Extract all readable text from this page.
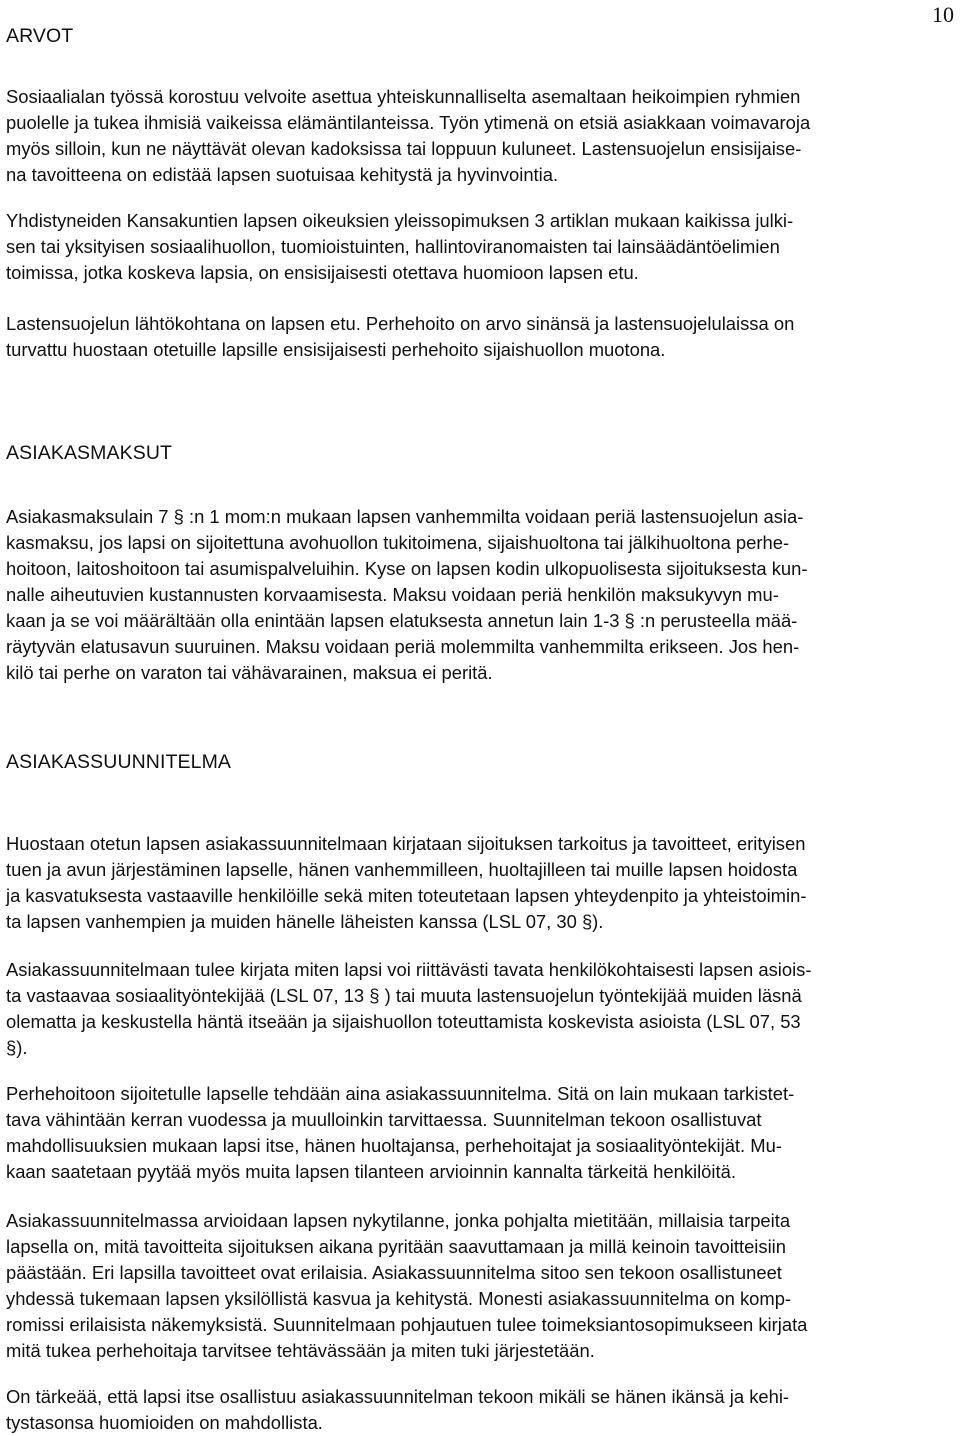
10
ARVOT
Sosiaalialan työssä korostuu velvoite asettua yhteiskunnalliselta asemaltaan heikoimpien ryhmien
puolelle ja tukea ihmisiä vaikeissa elämäntilanteissa. Työn ytimenä on etsiä asiakkaan voimavaroja
myös silloin, kun ne näyttävät olevan kadoksissa tai loppuun kuluneet. Lastensuojelun ensisijaise-
na tavoitteena on edistää lapsen suotuisaa kehitystä ja hyvinvointia.
Yhdistyneiden Kansakuntien lapsen oikeuksien yleissopimuksen 3 artiklan mukaan kaikissa julki-
sen tai yksityisen sosiaalihuollon, tuomioistuinten, hallintoviranomaisten tai lainsäädäntöelimien
toimissa, jotka koskeva lapsia, on ensisijaisesti otettava huomioon lapsen etu.
Lastensuojelun lähtökohtana on lapsen etu. Perhehoito on arvo sinänsä ja lastensuojelulaissa on
turvattu huostaan otetuille lapsille ensisijaisesti perhehoito sijaishuollon muotona.
ASIAKASMAKSUT
Asiakasmaksulain 7 § :n 1 mom:n mukaan lapsen vanhemmilta voidaan periä lastensuojelun asia-
kasmaksu, jos lapsi on sijoitettuna avohuollon tukitoimena, sijaishuoltona tai jälkihuoltona perhe-
hoitoon, laitoshoitoon tai asumispalveluihin. Kyse on lapsen kodin ulkopuolisesta sijoituksesta kun-
nalle aiheutuvien kustannusten korvaamisesta. Maksu voidaan periä henkilön maksukyvyn mu-
kaan ja se voi määrältään olla enintään lapsen elatuksesta annetun lain 1-3 § :n perusteella mää-
räytyvän elatusavun suuruinen. Maksu voidaan periä molemmilta vanhemmilta erikseen. Jos hen-
kilö tai perhe on varaton tai vähävarainen, maksua ei peritä.
ASIAKASSUUNNITELMA
Huostaan otetun lapsen asiakassuunnitelmaan kirjataan sijoituksen tarkoitus ja tavoitteet, erityisen
tuen ja avun järjestäminen lapselle, hänen vanhemmilleen, huoltajilleen tai muille lapsen hoidosta
ja kasvatuksesta vastaaville henkilöille sekä miten toteutetaan lapsen yhteydenpito ja yhteistoimin-
ta lapsen vanhempien ja muiden hänelle läheisten kanssa (LSL 07, 30 §).
Asiakassuunnitelmaan tulee kirjata miten lapsi voi riittävästi tavata henkilökohtaisesti lapsen asiois-
ta vastaavaa sosiaalityöntekijää (LSL 07, 13 § ) tai muuta lastensuojelun työntekijää muiden läsnä
olematta ja keskustella häntä itseään ja sijaishuollon toteuttamista koskevista asioista (LSL 07, 53
§).
Perhehoitoon sijoitetulle lapselle tehdään aina asiakassuunnitelma. Sitä on lain mukaan tarkistet-
tava vähintään kerran vuodessa ja muulloinkin tarvittaessa. Suunnitelman tekoon osallistuvat
mahdollisuuksien mukaan lapsi itse, hänen huoltajansa, perhehoitajat ja sosiaalityöntekijät. Mu-
kaan saatetaan pyytää myös muita lapsen tilanteen arvioinnin kannalta tärkeitä henkilöitä.
Asiakassuunnitelmassa arvioidaan lapsen nykytilanne, jonka pohjalta mietitään, millaisia tarpeita
lapsella on, mitä tavoitteita sijoituksen aikana pyritään saavuttamaan ja millä keinoin tavoitteisiin
päästään. Eri lapsilla tavoitteet ovat erilaisia. Asiakassuunnitelma sitoo sen tekoon osallistuneet
yhdessä tukemaan lapsen yksilöllistä kasvua ja kehitystä. Monesti asiakassuunnitelma on komp-
romissi erilaisista näkemyksistä. Suunnitelmaan pohjautuen tulee toimeksiantosopimukseen kirjata
mitä tukea perhehoitaja tarvitsee tehtävässään ja miten tuki järjestetään.
On tärkeää, että lapsi itse osallistuu asiakassuunnitelman tekoon mikäli se hänen ikänsä ja kehi-
tystasonsa huomioiden on mahdollista.
